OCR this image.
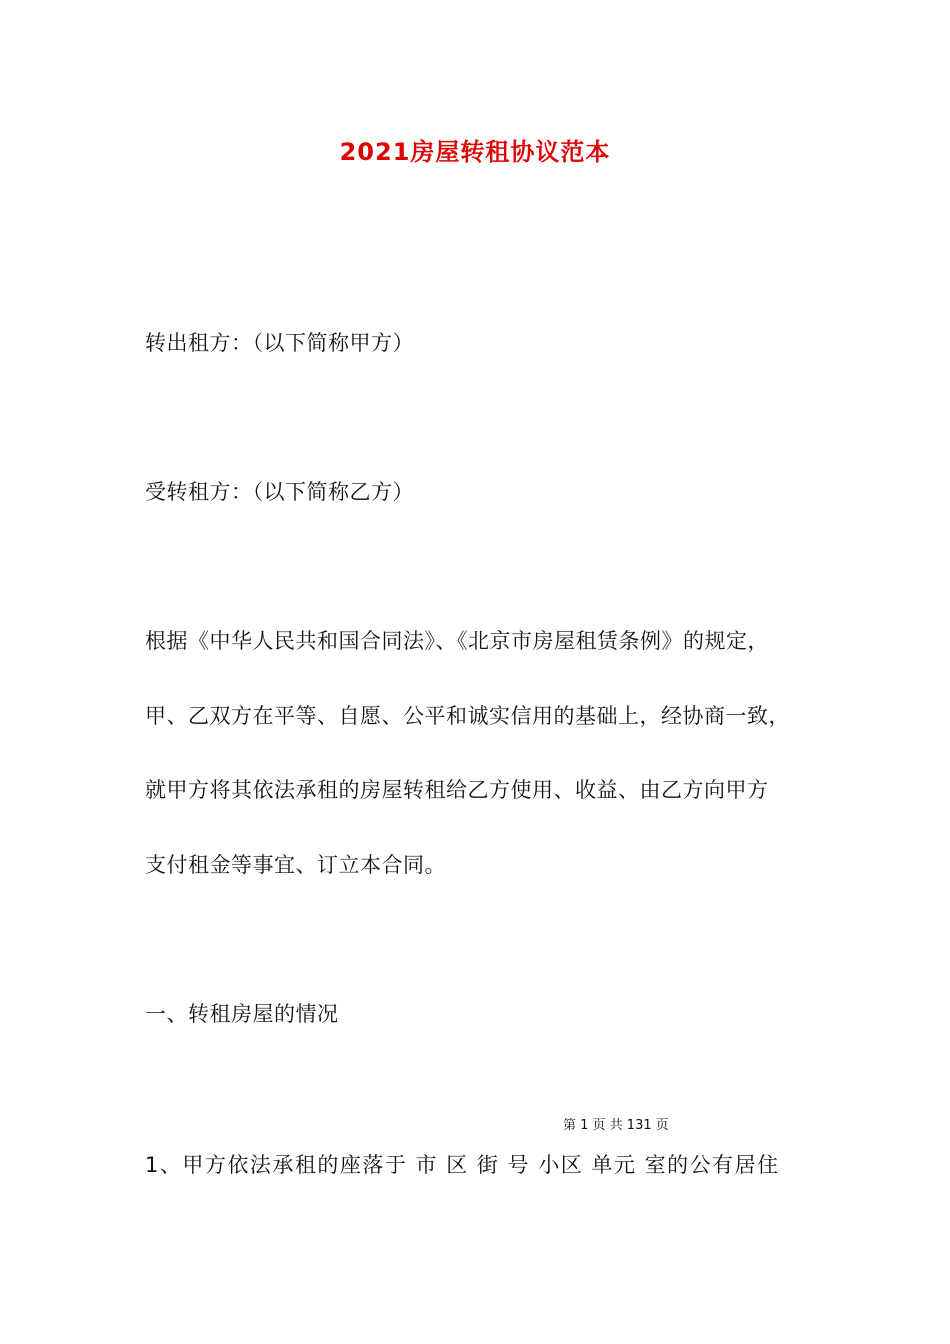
2021房屋转租协议范本
转出租方：（以下简称甲方）
受转租方：（以下简称乙方）
根据《中华人民共和国合同法》、《北京市房屋租赁条例》的规定，
甲、乙双方在平等、自愿、公平和诚实信用的基础上，经协商一致，
就甲方将其依法承租的房屋转租给乙方使用、收益、由乙方向甲方
支付租金等事宜、订立本合同。
一、转租房屋的情况
第 1 页 共 131 页
1、甲方依法承租的座落于 市 区 街 号 小区 单元 室的公有居住
